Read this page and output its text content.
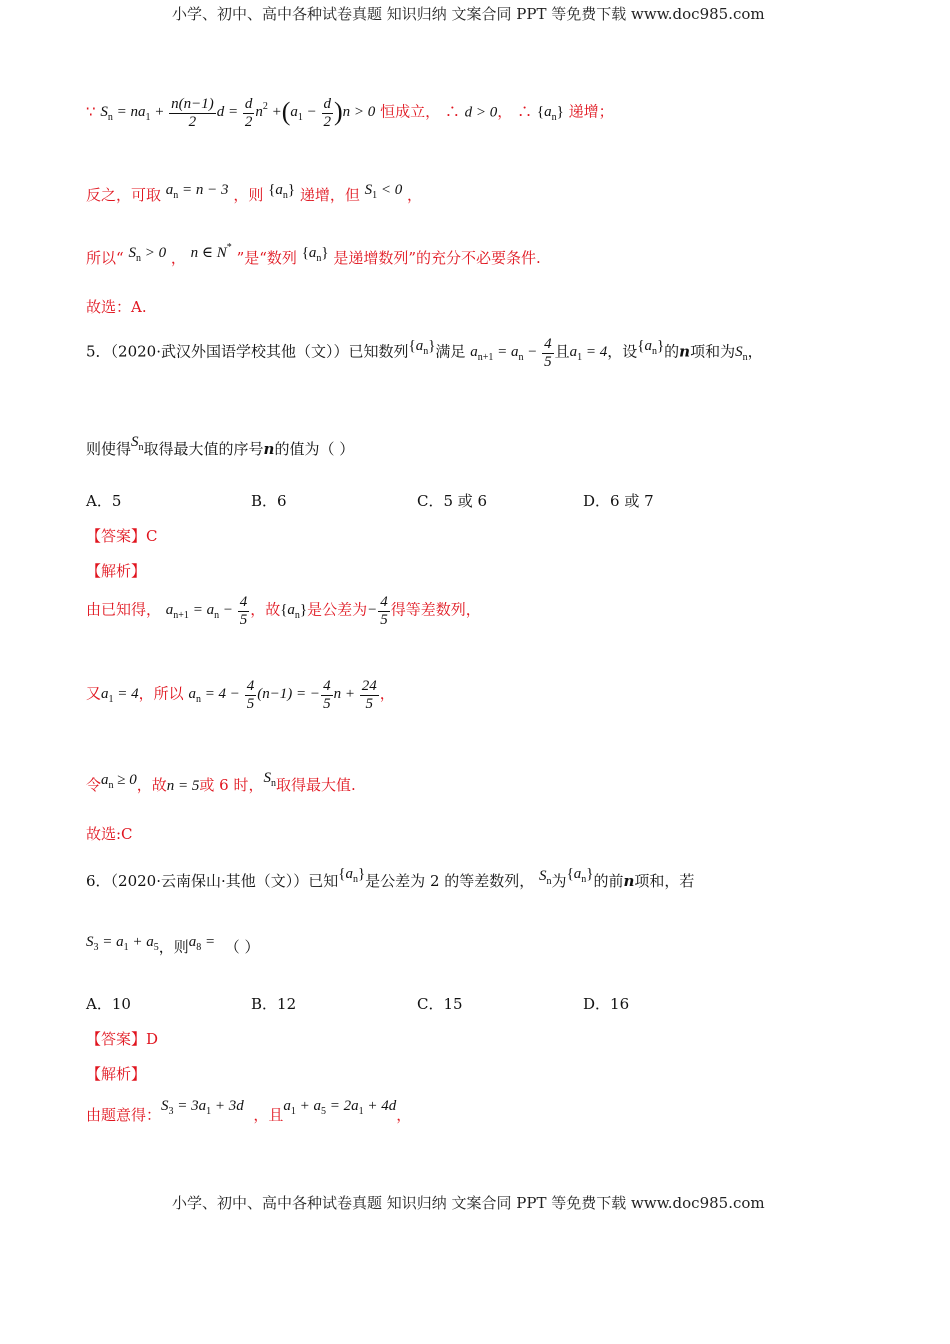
小学、初中、高中各种试卷真题 知识归纳 文案合同 PPT 等免费下载 www.doc985.com
∵ $S_n = na_1 + \frac{n(n-1)}{2}$ $d = \frac{d}{2} n^2 +(a_1 - \frac{d}{2} )n > 0$ 恒成立， ∴ d > 0， ∴ $\{a_n\}$ 递增；
反之，可取 $a_n = n - 3$ ，则 $\{a_n\}$ 递增，但 $S_1 < 0$ ，
所以“ $S_n > 0$ ， n ∈ N* ”是“数列 $\{a_n\}$ 是递增数列”的充分不必要条件.
故选：A.
5．（2020·武汉外国语学校其他（文））已知数列$\{a_n\}$满足 $a_{n+1} = a_n - \frac{4}{5}$ 且$a_1 = 4$，设$\{a_n\}$的n项和为$S_n$，
则使得$S_n$取得最大值的序号n的值为（ ）
A．5	B．6	C．5 或 6	D．6 或 7
【答案】C
【解析】
由已知得， $a_{n+1} = a_n - \frac{4}{5}$ ，故$\{a_n\}$是公差为− $\frac{4}{5}$ 得等差数列，
又$a_1 = 4$，所以 $a_n = 4 - \frac{4}{5} (n-1)$ = − $\frac{4}{5}$ $n + \frac{24}{5}$ ，
令$a_n \ge 0$，故n = 5或 6 时，$S_n$取得最大值.
故选:C
6．（2020·云南保山·其他（文））已知$\{a_n\}$是公差为 2 的等差数列， $S_n$为$\{a_n\}$的前n项和，若
$S_3 = a_1 + a_5$，则$a_8$ = （ ）
A．10	B．12	C．15	D．16
【答案】D
【解析】
由题意得：$S_3 = 3a_1 + 3d$ ，且$a_1 + a_5 = 2a_1 + 4d$，
小学、初中、高中各种试卷真题 知识归纳 文案合同 PPT 等免费下载 www.doc985.com
